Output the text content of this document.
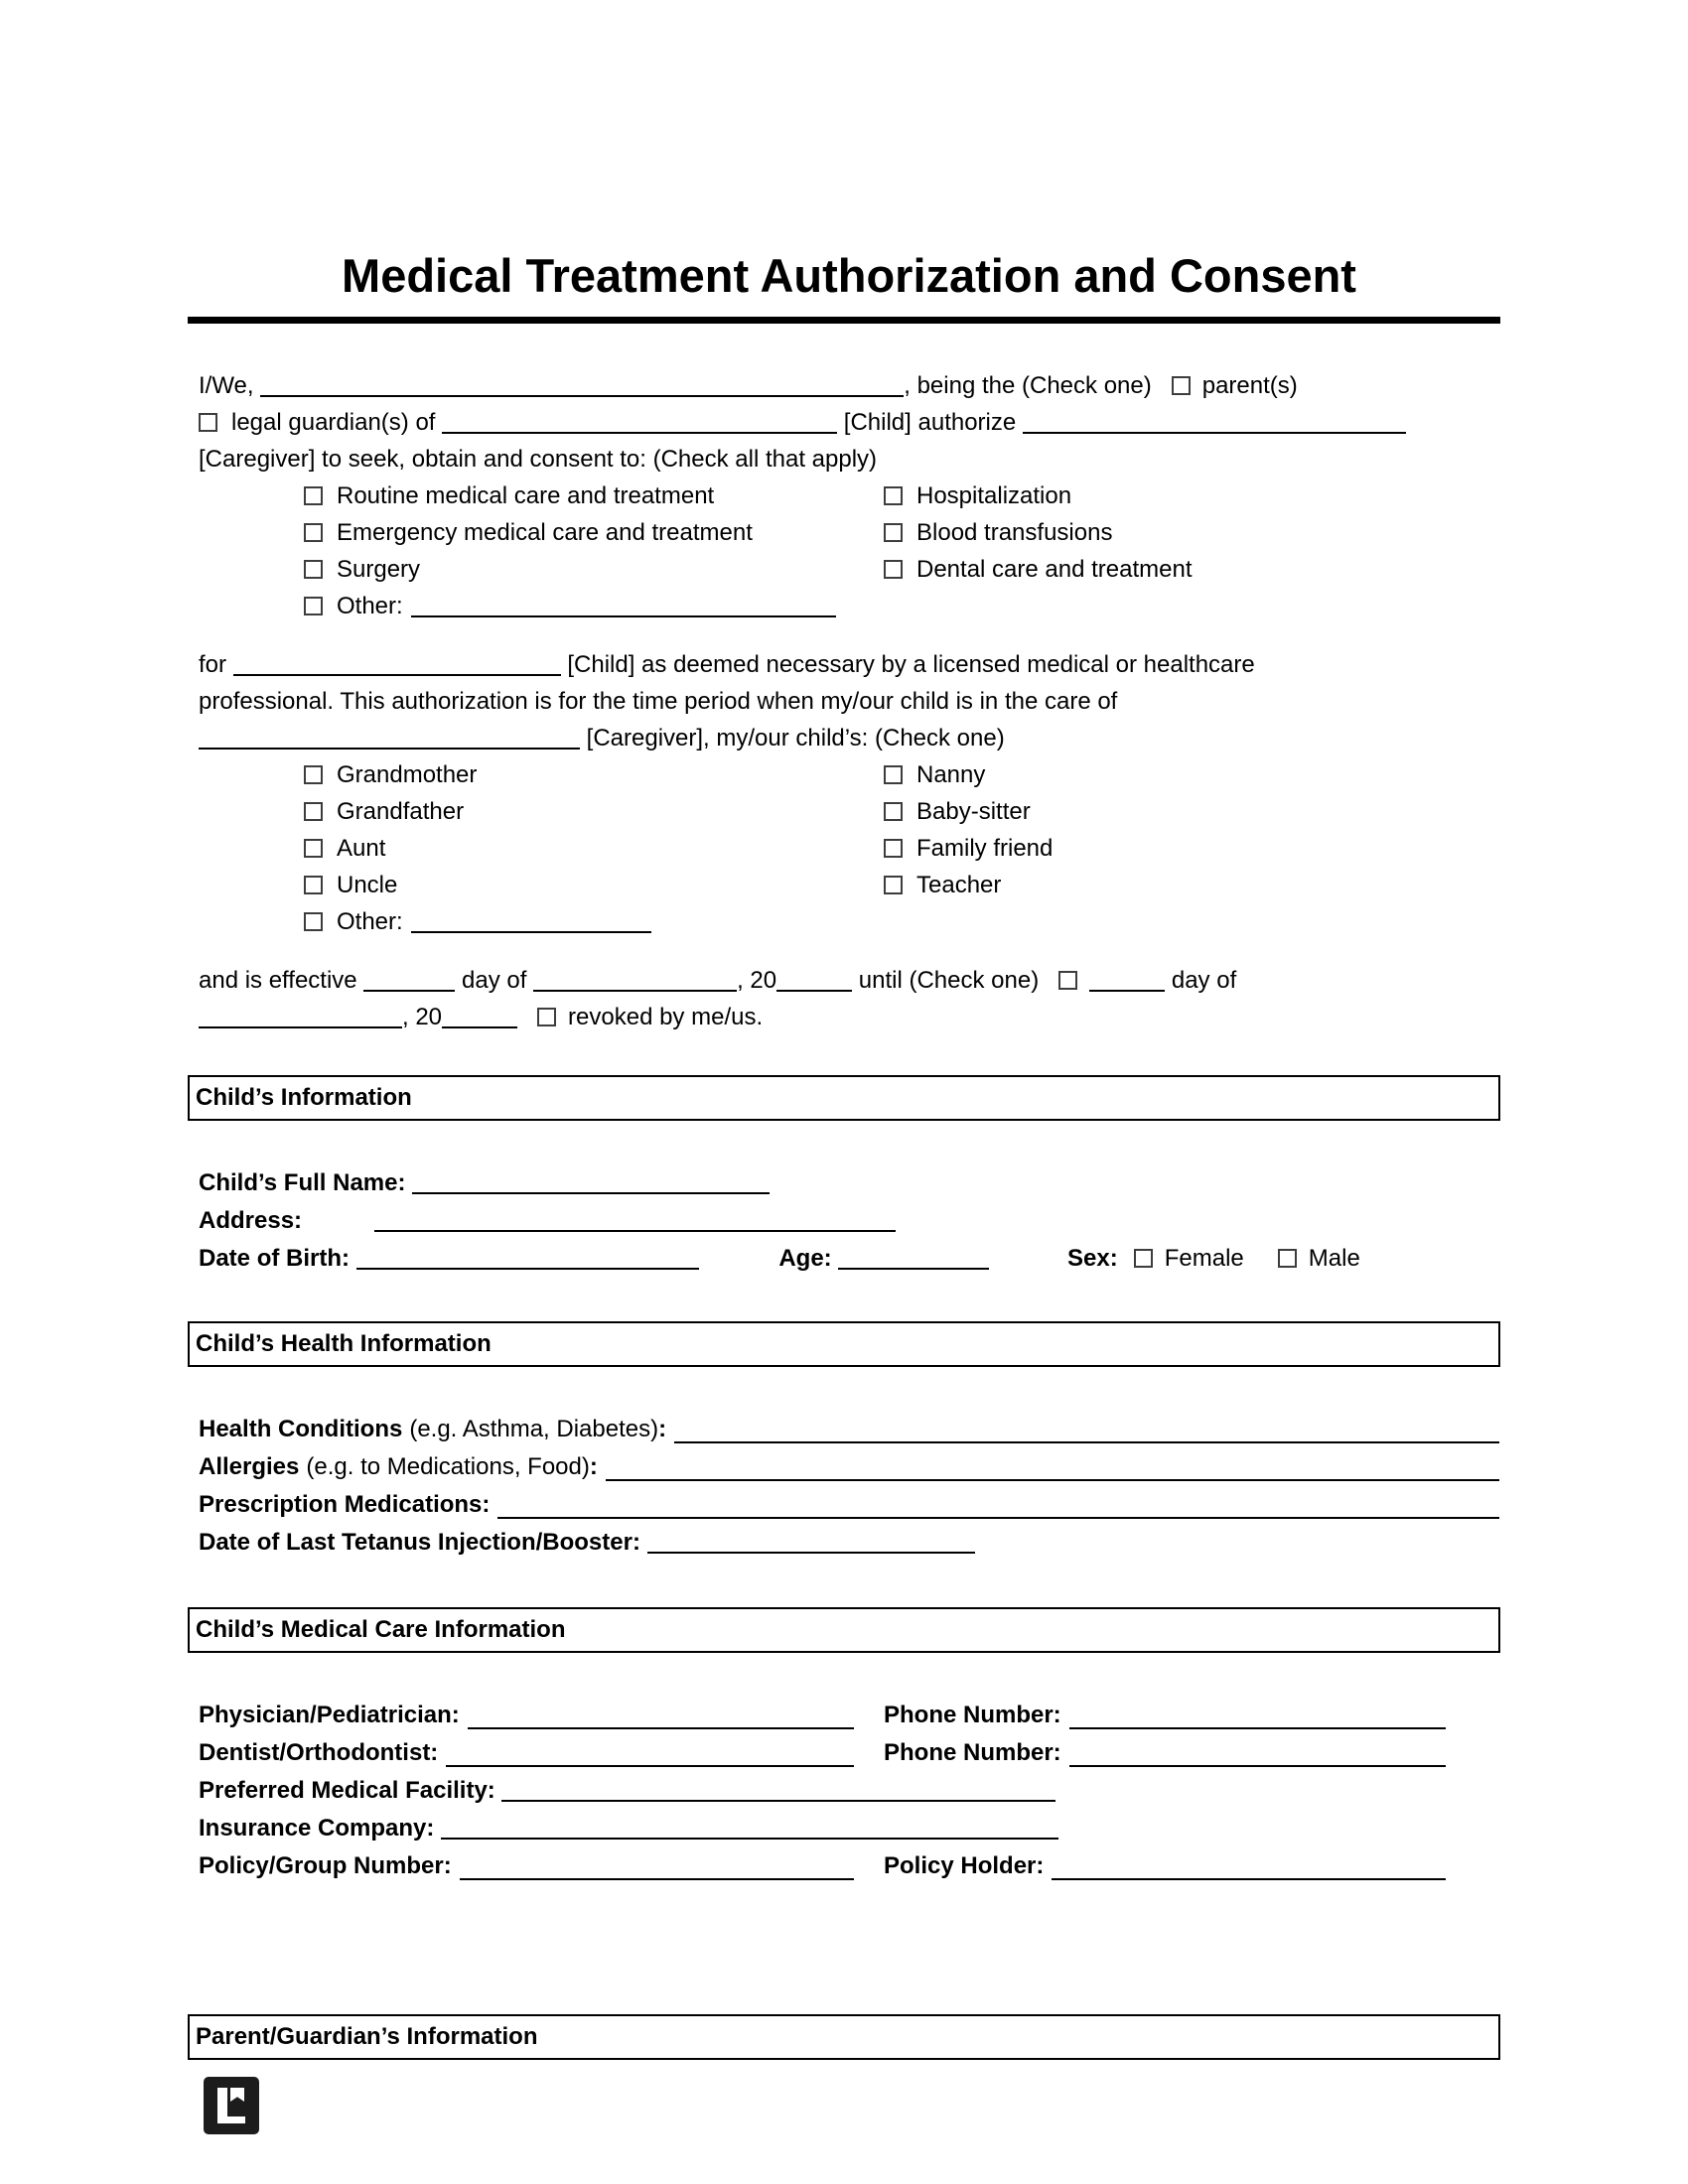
Medical Treatment Authorization and Consent
I/We,	, being the (Check one) parent(s)
legal guardian(s) of	[Child] authorize
[Caregiver] to seek, obtain and consent to: (Check all that apply)
Routine medical care and treatment	Hospitalization
Emergency medical care and treatment	Blood transfusions
Surgery	Dental care and treatment
Other:
for	[Child] as deemed necessary by a licensed medical or healthcare
professional. This authorization is for the time period when my/our child is in the care of
[Caregiver], my/our child’s: (Check one)
Grandmother	Nanny
Grandfather	Baby-sitter
Aunt	Family friend
Uncle	Teacher
Other:
and is effective	day of	, 20	until (Check one)	day of
, 20	revoked by me/us.
Child’s Information
Child’s Full Name:
Address:
Date of Birth:	Age:	Sex: Female	Male
Child’s Health Information
Health Conditions (e.g. Asthma, Diabetes) :
Allergies (e.g. to Medications, Food) :
Prescription Medications:
Date of Last Tetanus Injection/Booster:
Child’s Medical Care Information
Physician/Pediatrician:	Phone Number:
Dentist/Orthodontist:	Phone Number:
Preferred Medical Facility:
Insurance Company:
Policy/Group Number:	Policy Holder:
Parent/Guardian’s Information
